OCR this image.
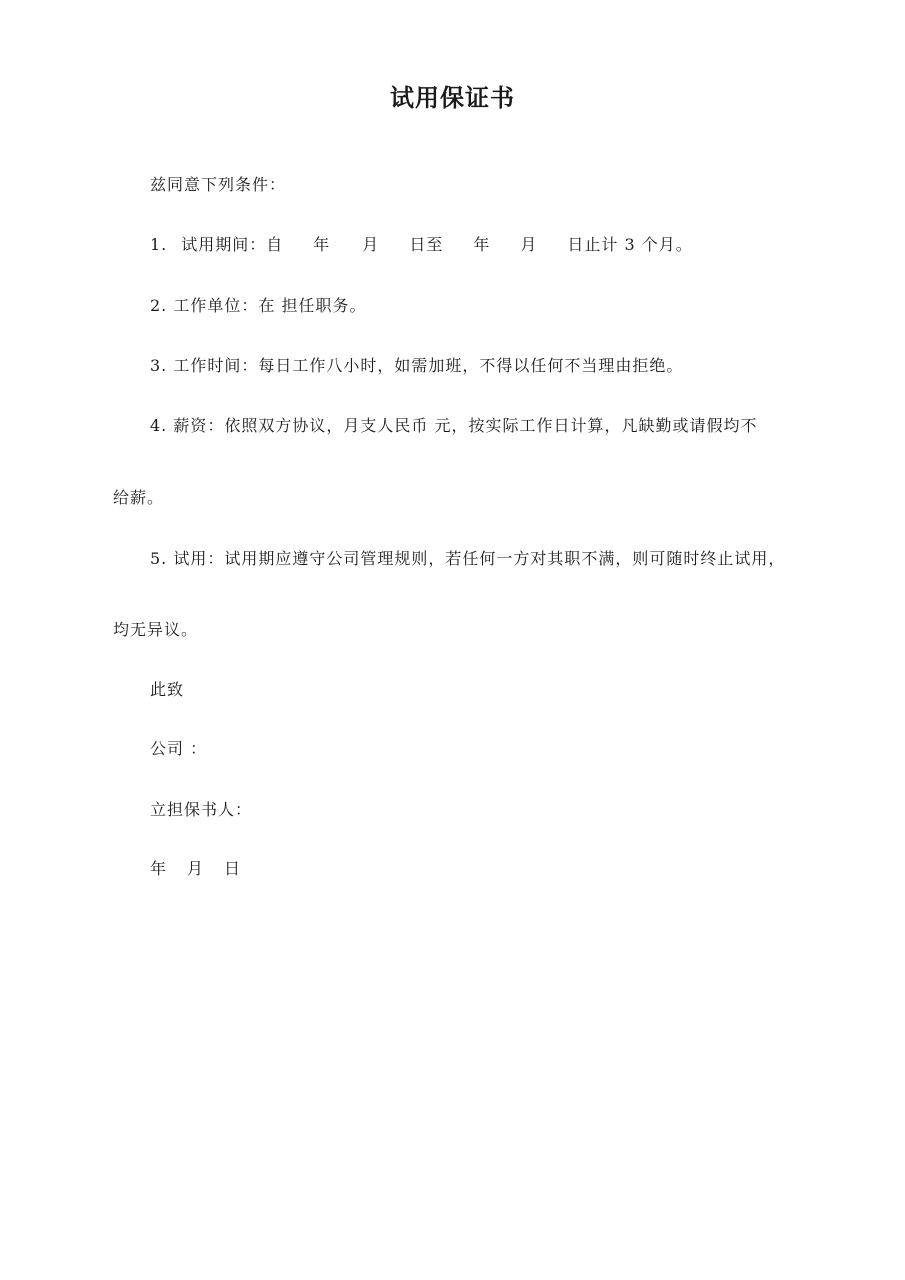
试用保证书
兹同意下列条件：
1. 试用期间：自 年 月 日至 年 月 日止计 3 个月。
2. 工作单位：在 担任职务。
3. 工作时间：每日工作八小时，如需加班，不得以任何不当理由拒绝。
4. 薪资：依照双方协议，月支人民币 元，按实际工作日计算，凡缺勤或请假均不
给薪。
5. 试用：试用期应遵守公司管理规则，若任何一方对其职不满，则可随时终止试用，
均无异议。
此致
公司 ：
立担保书人：
年 月 日
